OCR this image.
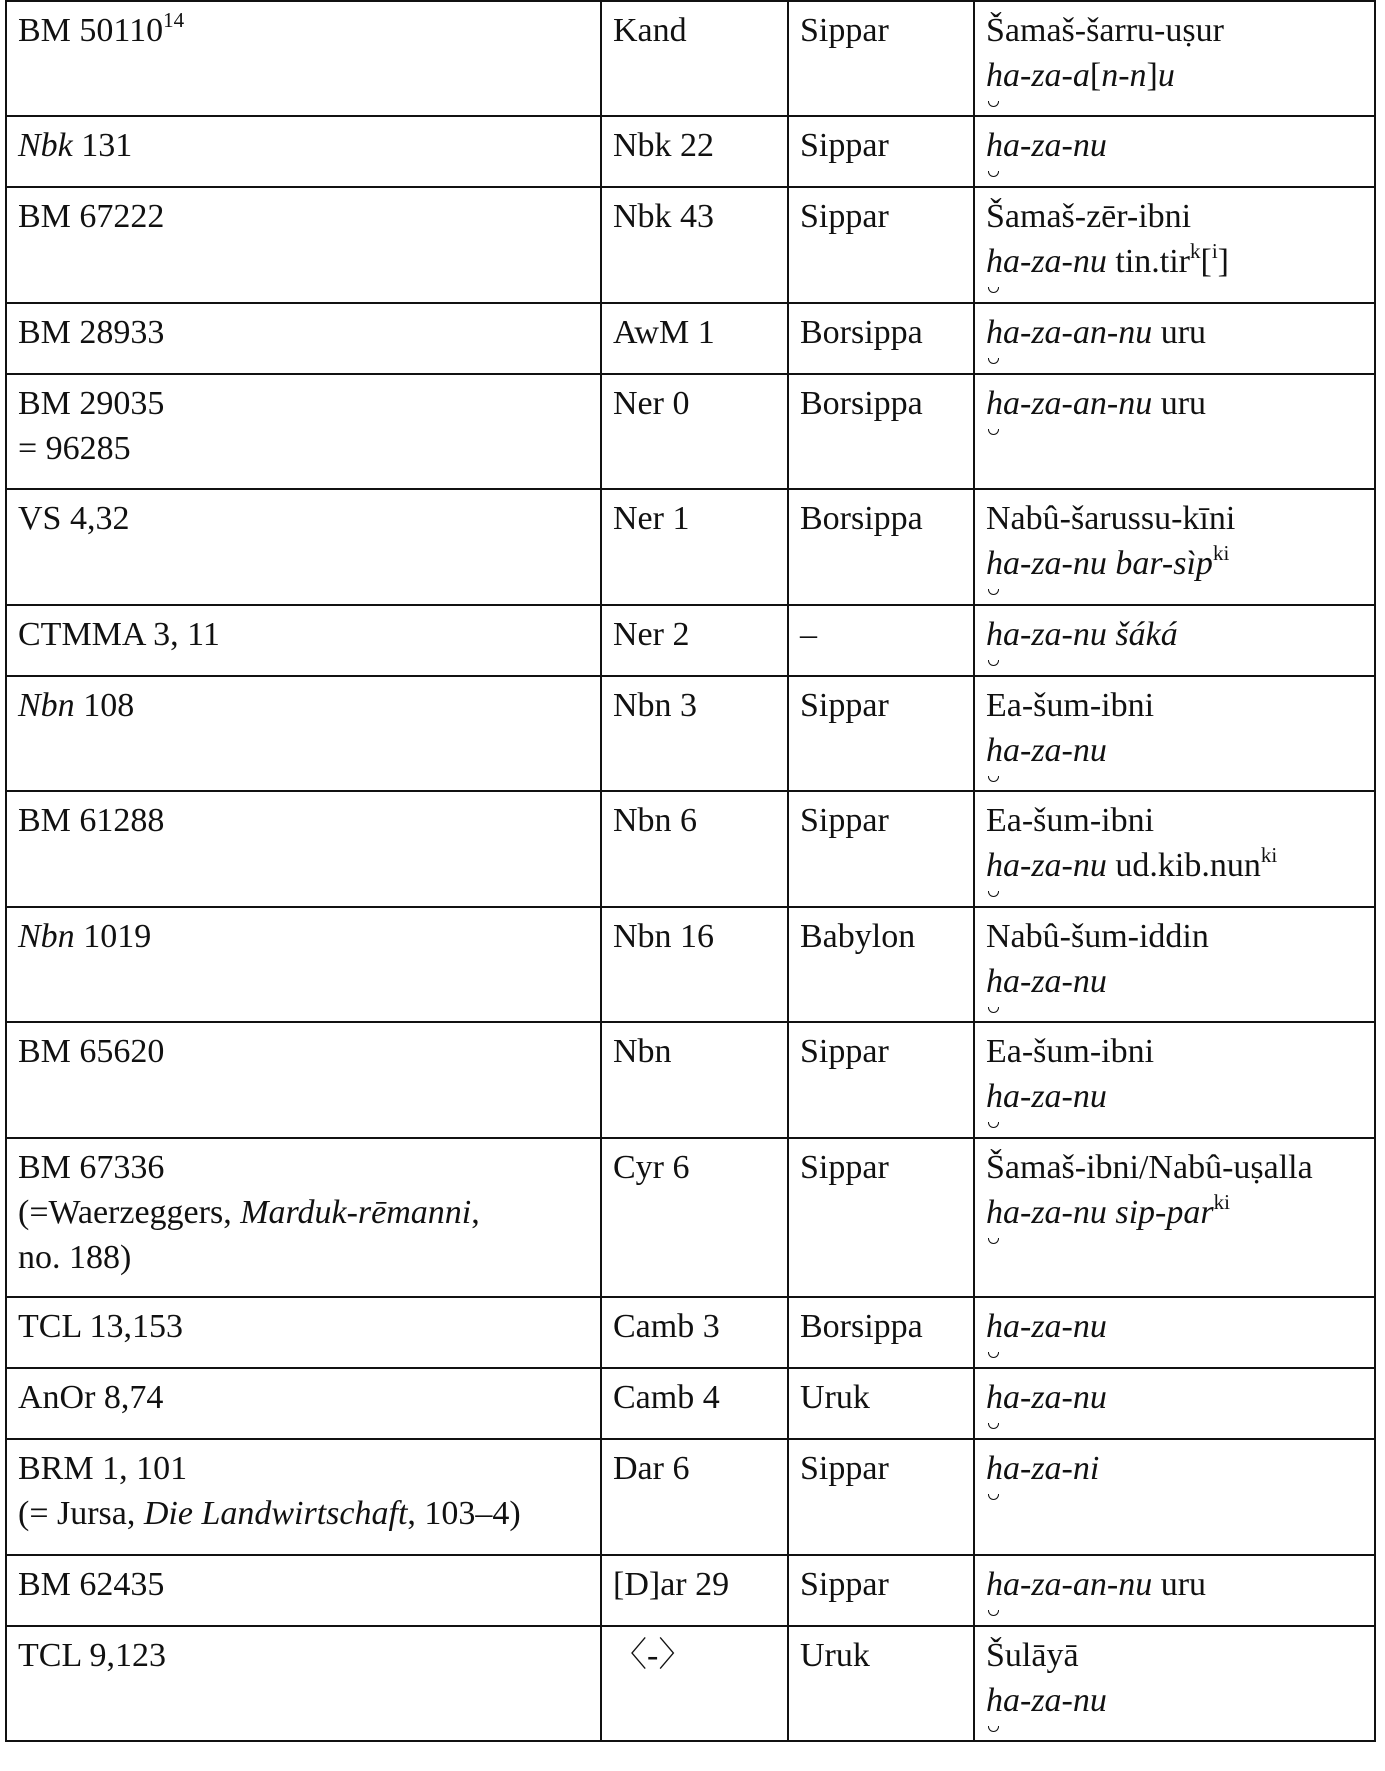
BM 50110$^{14}$	Kand	Sippar	Šamaš-šarru-uṣur
ha-za-a[n-n]u

Nbk 131	Nbk 22	Sippar	ha-za-nu

BM 67222	Nbk 43	Sippar	Šamaš-zēr-ibni
ha-za-nu tin.tir$^k$[$^i$]

BM 28933	AwM 1	Borsippa	ha-za-an-nu uru

BM 29035
= 96285	Ner 0	Borsippa	ha-za-an-nu uru

VS 4,32	Ner 1	Borsippa	Nabû-šarussu-kīni
ha-za-nu bar-sìp$^{ki}$

CTMMA 3, 11	Ner 2	–	ha-za-nu šáká

Nbn 108	Nbn 3	Sippar	Ea-šum-ibni
ha-za-nu

BM 61288	Nbn 6	Sippar	Ea-šum-ibni
ha-za-nu ud.kib.nun$^{ki}$

Nbn 1019	Nbn 16	Babylon	Nabû-šum-iddin
ha-za-nu

BM 65620	Nbn	Sippar	Ea-šum-ibni
ha-za-nu

BM 67336
(=Waerzeggers, Marduk-rēmanni,
no. 188)	Cyr 6	Sippar	Šamaš-ibni/Nabû-uṣalla
ha-za-nu sip-par$^{ki}$

TCL 13,153	Camb 3	Borsippa	ha-za-nu

AnOr 8,74	Camb 4	Uruk	ha-za-nu

BRM 1, 101
(= Jursa, Die Landwirtschaft, 103–4)	Dar 6	Sippar	ha-za-ni

BM 62435	[D]ar 29	Sippar	ha-za-an-nu uru

TCL 9,123	〈-〉	Uruk	Šulāyā
ha-za-nu
